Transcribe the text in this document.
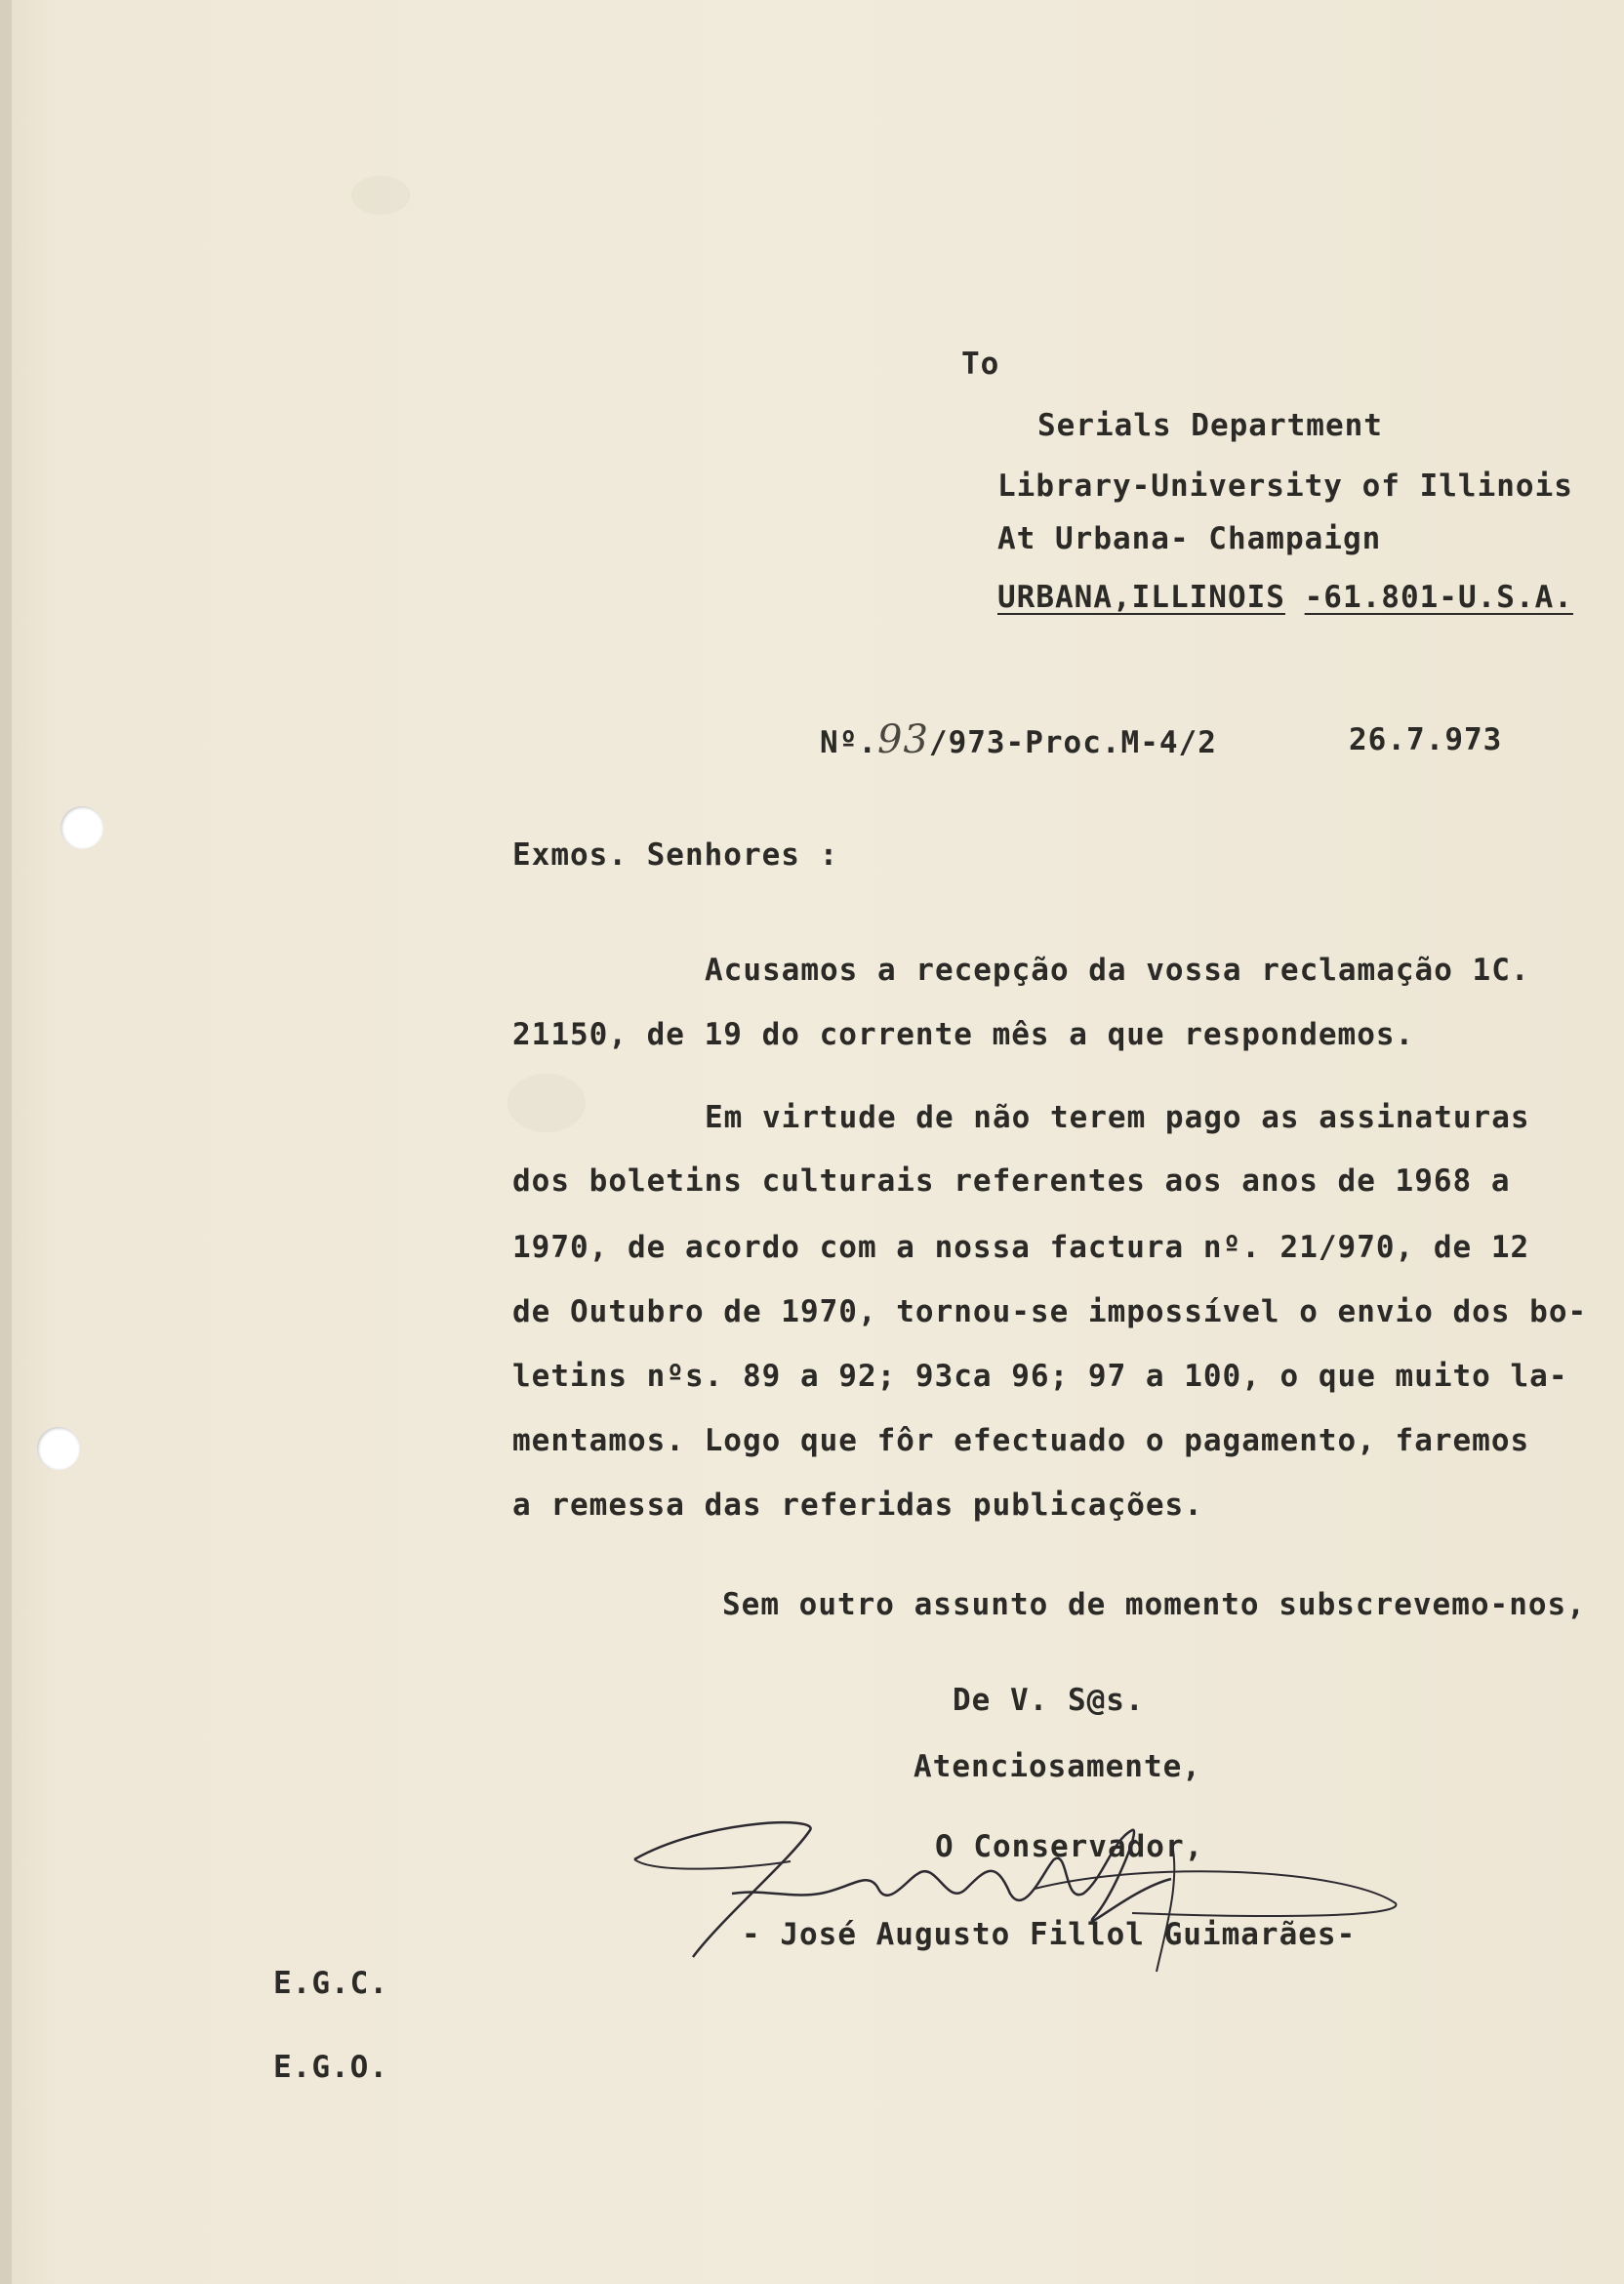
To
Serials Department
Library-University of Illinois
At Urbana- Champaign
URBANA,ILLINOIS -61.801-U.S.A.
Nº.93/973-Proc.M-4/2	26.7.973
Exmos. Senhores :
Acusamos a recepção da vossa reclamação 1C.
21150, de 19 do corrente mês a que respondemos.
Em virtude de não terem pago as assinaturas
dos boletins culturais referentes aos anos de 1968 a
1970, de acordo com a nossa factura nº. 21/970, de 12
de Outubro de 1970, tornou-se impossível o envio dos bo-
letins nºs. 89 a 92; 93ca 96; 97 a 100, o que muito la-
mentamos. Logo que fôr efectuado o pagamento, faremos
a remessa das referidas publicações.
Sem outro assunto de momento subscrevemo-nos,
De V. S@s.
Atenciosamente,
O Conservador,
- José Augusto Fillol Guimarães-
E.G.C.
E.G.O.
